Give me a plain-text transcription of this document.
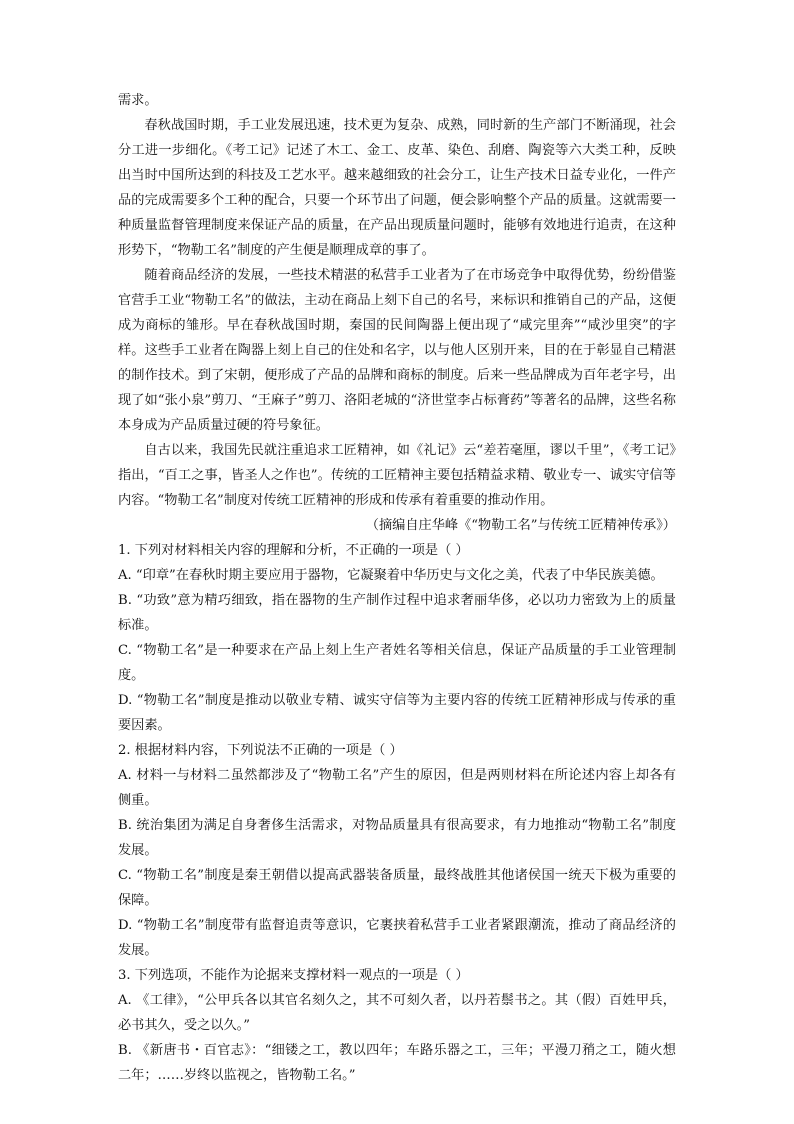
需求。

春秋战国时期，手工业发展迅速，技术更为复杂、成熟，同时新的生产部门不断涌现，社会分工进一步细化。《考工记》记述了木工、金工、皮革、染色、刮磨、陶瓷等六大类工种，反映出当时中国所达到的科技及工艺水平。越来越细致的社会分工，让生产技术日益专业化，一件产品的完成需要多个工种的配合，只要一个环节出了问题，便会影响整个产品的质量。这就需要一种质量监督管理制度来保证产品的质量，在产品出现质量问题时，能够有效地进行追责，在这种形势下，“物勒工名”制度的产生便是顺理成章的事了。

随着商品经济的发展，一些技术精湛的私营手工业者为了在市场竞争中取得优势，纷纷借鉴官营手工业“物勒工名”的做法，主动在商品上刻下自己的名号，来标识和推销自己的产品，这便成为商标的雏形。早在春秋战国时期，秦国的民间陶器上便出现了“咸完里奔”“咸沙里突”的字样。这些手工业者在陶器上刻上自己的住处和名字，以与他人区别开来，目的在于彰显自己精湛的制作技术。到了宋朝，便形成了产品的品牌和商标的制度。后来一些品牌成为百年老字号，出现了如“张小泉”剪刀、“王麻子”剪刀、洛阳老城的“济世堂李占标膏药”等著名的品牌，这些名称本身成为产品质量过硬的符号象征。

自古以来，我国先民就注重追求工匠精神，如《礼记》云“差若毫厘，谬以千里”，《考工记》指出，“百工之事，皆圣人之作也”。传统的工匠精神主要包括精益求精、敬业专一、诚实守信等内容。“物勒工名”制度对传统工匠精神的形成和传承有着重要的推动作用。

（摘编自庄华峰《“物勒工名”与传统工匠精神传承》）

1. 下列对材料相关内容的理解和分析，不正确的一项是（ ）

A. “印章”在春秋时期主要应用于器物，它凝聚着中华历史与文化之美，代表了中华民族美德。

B. “功致”意为精巧细致，指在器物的生产制作过程中追求奢丽华侈，必以功力密致为上的质量标准。

C. “物勒工名”是一种要求在产品上刻上生产者姓名等相关信息，保证产品质量的手工业管理制度。

D. “物勒工名”制度是推动以敬业专精、诚实守信等为主要内容的传统工匠精神形成与传承的重要因素。

2. 根据材料内容，下列说法不正确的一项是（ ）

A. 材料一与材料二虽然都涉及了“物勒工名”产生的原因，但是两则材料在所论述内容上却各有侧重。

B. 统治集团为满足自身奢侈生活需求，对物品质量具有很高要求，有力地推动“物勒工名”制度发展。

C. “物勒工名”制度是秦王朝借以提高武器装备质量，最终战胜其他诸侯国一统天下极为重要的保障。

D. “物勒工名”制度带有监督追责等意识，它裹挟着私营手工业者紧跟潮流，推动了商品经济的发展。

3. 下列选项，不能作为论据来支撑材料一观点的一项是（ ）

A. 《工律》，“公甲兵各以其官名刻久之，其不可刻久者，以丹若鬃书之。其（假）百姓甲兵，必书其久，受之以久。”

B. 《新唐书・百官志》：“细镂之工，教以四年；车路乐器之工，三年；平漫刀矟之工，随火想二年；……岁终以监视之，皆物勒工名。”
